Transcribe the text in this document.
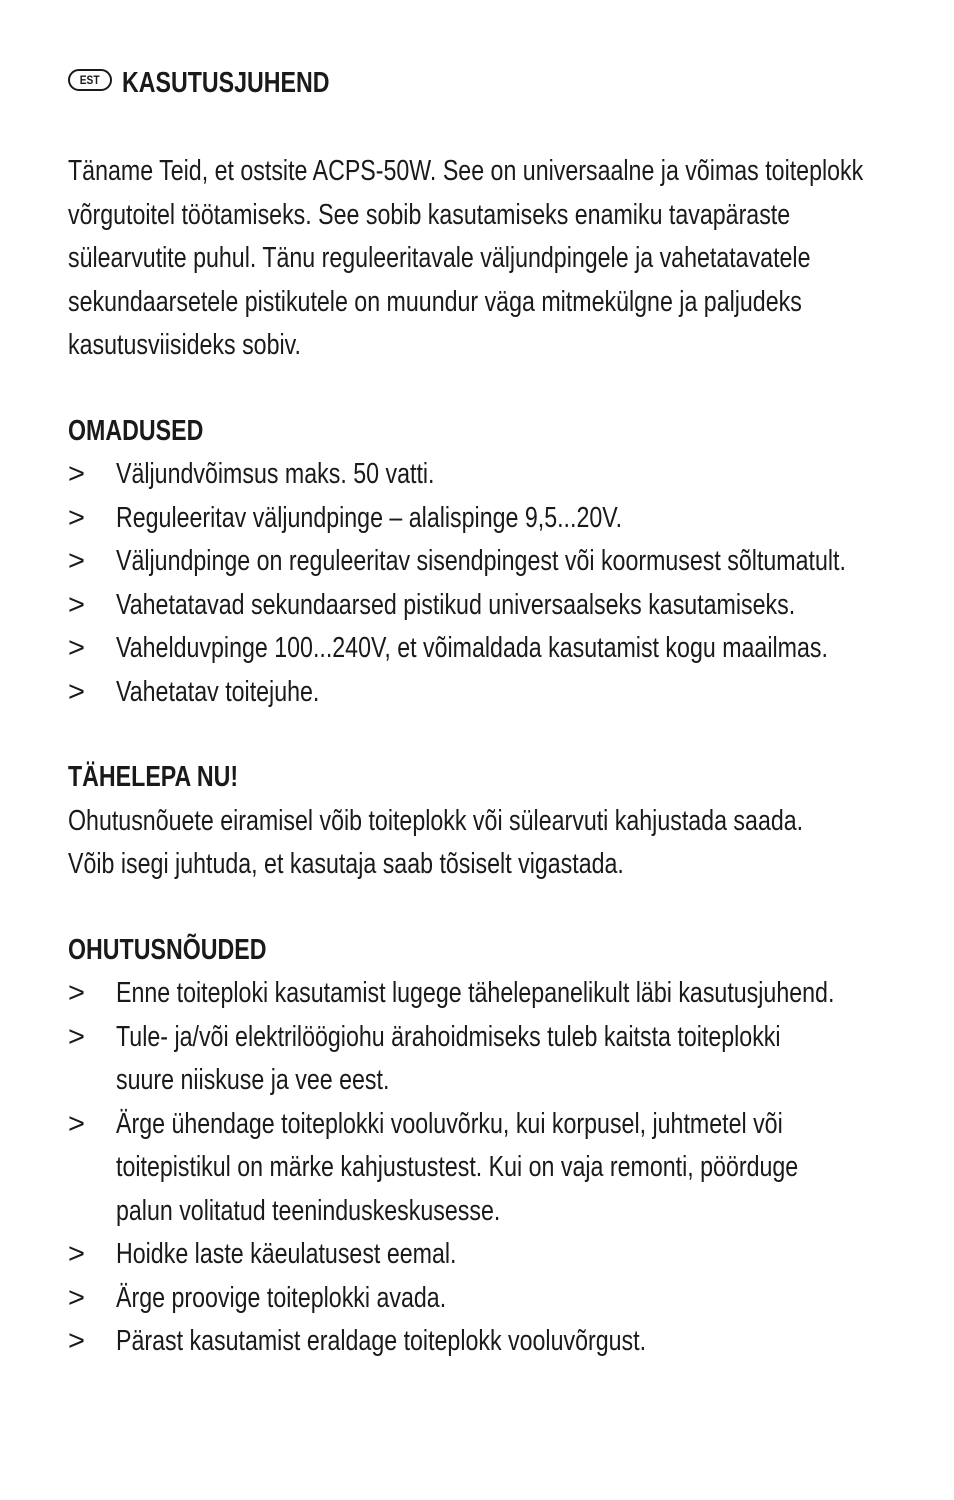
EST KASUTUSJUHEND
Täname Teid, et ostsite ACPS-50W. See on universaalne ja võimas toiteplokk
võrgutoitel töötamiseks. See sobib kasutamiseks enamiku tavapäraste
sülearvutite puhul. Tänu reguleeritavale väljundpingele ja vahetatavatele
sekundaarsetele pistikutele on muundur väga mitmekülgne ja paljudeks
kasutusviisideks sobiv.
OMADUSED
> Väljundvõimsus maks. 50 vatti.
> Reguleeritav väljundpinge – alalispinge 9,5...20V.
> Väljundpinge on reguleeritav sisendpingest või koormusest sõltumatult.
> Vahetatavad sekundaarsed pistikud universaalseks kasutamiseks.
> Vahelduvpinge 100...240V, et võimaldada kasutamist kogu maailmas.
> Vahetatav toitejuhe.
TÄHELEPA NU!
Ohutusnõuete eiramisel võib toiteplokk või sülearvuti kahjustada saada.
Võib isegi juhtuda, et kasutaja saab tõsiselt vigastada.
OHUTUSNÕUDED
> Enne toiteploki kasutamist lugege tähelepanelikult läbi kasutusjuhend.
> Tule- ja/või elektrilöögiohu ärahoidmiseks tuleb kaitsta toiteplokki
suure niiskuse ja vee eest.
> Ärge ühendage toiteplokki vooluvõrku, kui korpusel, juhtmetel või
toitepistikul on märke kahjustustest. Kui on vaja remonti, pöörduge
palun volitatud teeninduskeskusesse.
> Hoidke laste käeulatusest eemal.
> Ärge proovige toiteplokki avada.
> Pärast kasutamist eraldage toiteplokk vooluvõrgust.
